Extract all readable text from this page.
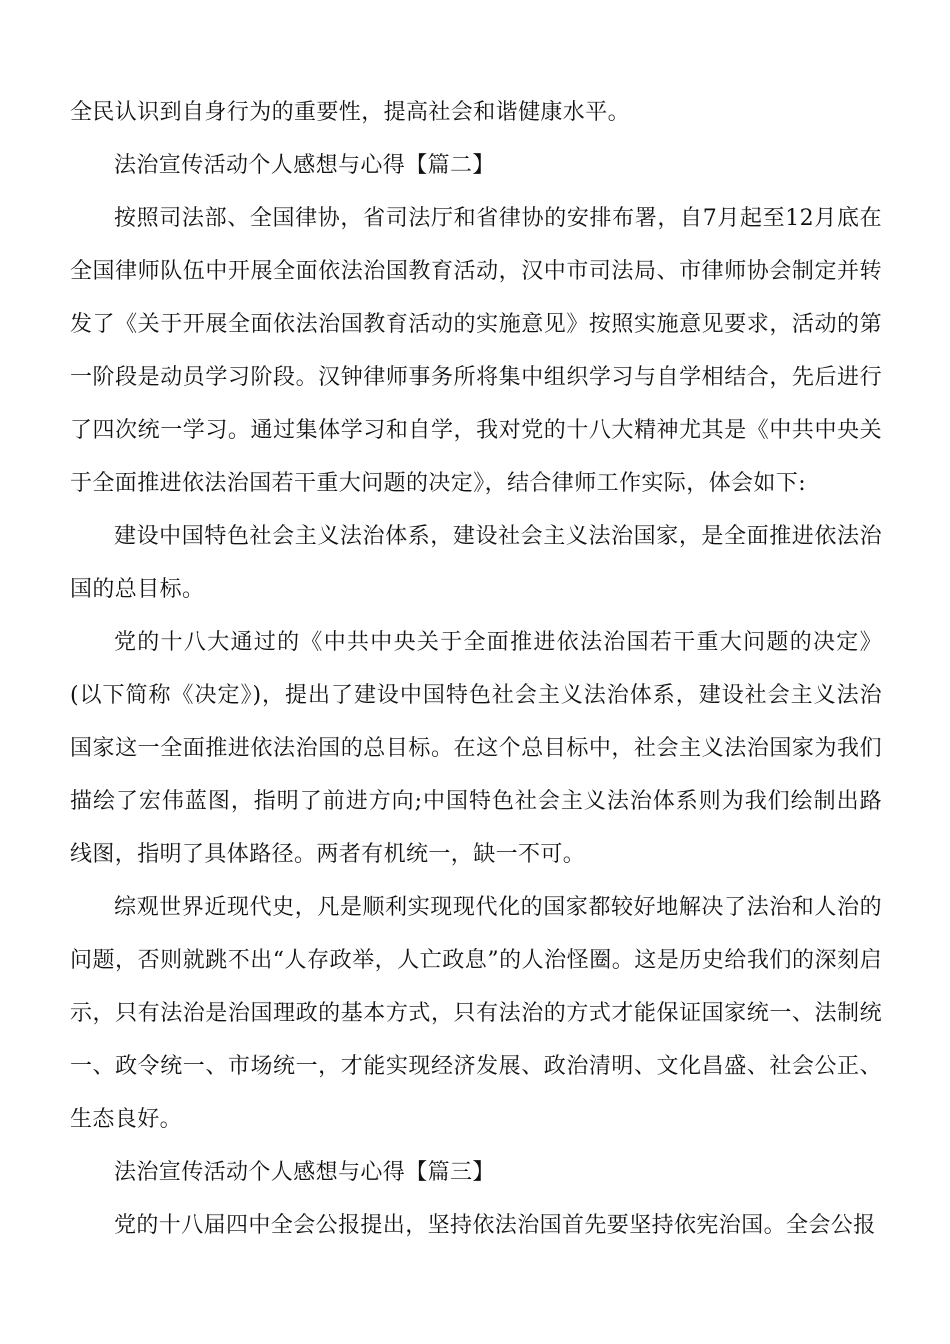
全民认识到自身行为的重要性，提高社会和谐健康水平。

法治宣传活动个人感想与心得【篇二】

按照司法部、全国律协，省司法厅和省律协的安排布署，自7月起至12月底在全国律师队伍中开展全面依法治国教育活动，汉中市司法局、市律师协会制定并转发了《关于开展全面依法治国教育活动的实施意见》按照实施意见要求，活动的第一阶段是动员学习阶段。汉钟律师事务所将集中组织学习与自学相结合，先后进行了四次统一学习。通过集体学习和自学，我对党的十八大精神尤其是《中共中央关于全面推进依法治国若干重大问题的决定》，结合律师工作实际，体会如下:

建设中国特色社会主义法治体系，建设社会主义法治国家，是全面推进依法治国的总目标。

党的十八大通过的《中共中央关于全面推进依法治国若干重大问题的决定》(以下简称《决定》)，提出了建设中国特色社会主义法治体系，建设社会主义法治国家这一全面推进依法治国的总目标。在这个总目标中，社会主义法治国家为我们描绘了宏伟蓝图，指明了前进方向;中国特色社会主义法治体系则为我们绘制出路线图，指明了具体路径。两者有机统一，缺一不可。

综观世界近现代史，凡是顺利实现现代化的国家都较好地解决了法治和人治的问题，否则就跳不出“人存政举，人亡政息”的人治怪圈。这是历史给我们的深刻启示，只有法治是治国理政的基本方式，只有法治的方式才能保证国家统一、法制统一、政令统一、市场统一，才能实现经济发展、政治清明、文化昌盛、社会公正、生态良好。

法治宣传活动个人感想与心得【篇三】

党的十八届四中全会公报提出，坚持依法治国首先要坚持依宪治国。全会公报
